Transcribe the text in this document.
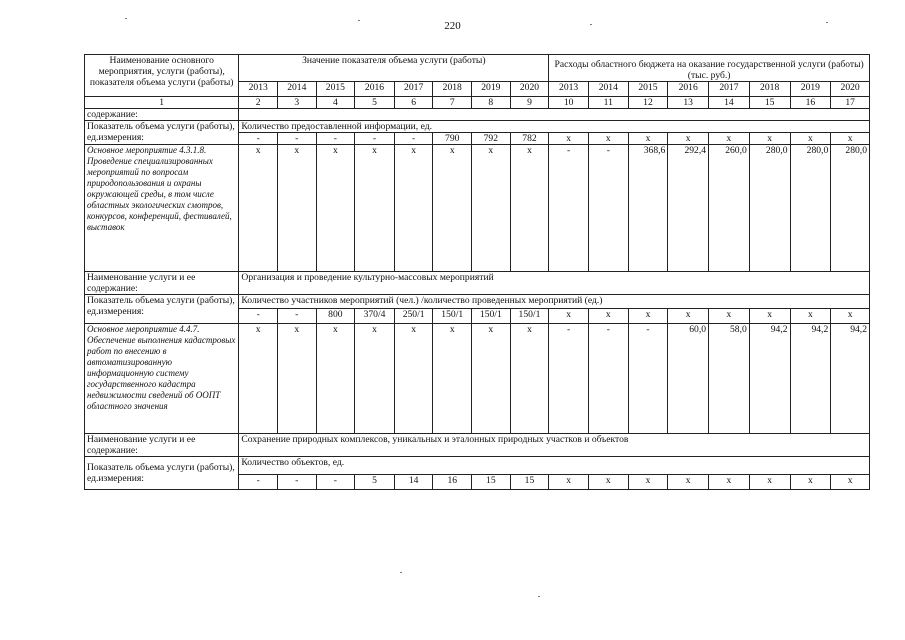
220
Наименование основного мероприятия, услуги (работы), показателя объема услуги (работы)	Значение показателя объема услуги (работы)								Расходы областного бюджета на оказание государственной услуги (работы) (тыс. руб.)							
	2013	2014	2015	2016	2017	2018	2019	2020	2013	2014	2015	2016	2017	2018	2019	2020
1	2	3	4	5	6	7	8	9	10	11	12	13	14	15	16	17
содержание:																
Показатель объема услуги (работы), ед.измерения:	Количество предоставленной информации, ед.															
	-	-	-	-	-	790	792	782	х	х	х	х	х	х	х	х
Основное мероприятие 4.3.1.8. Проведение специализированных мероприятий по вопросам природопользования и охраны окружающей среды, в том числе областных экологических смотров, конкурсов, конференций, фестивалей, выставок	х	х	х	х	х	х	х	х	-	-	368,6	292,4	260,0	280,0	280,0	280,0
Наименование услуги и ее содержание:	Организация и проведение культурно-массовых мероприятий															
Показатель объема услуги (работы), ед.измерения:	Количество участников мероприятий (чел.) /количество проведенных мероприятий (ед.)															
	-	-	800	370/4	250/1	150/1	150/1	150/1	х	х	х	х	х	х	х	х
Основное мероприятие 4.4.7. Обеспечение выполнения кадастровых работ по внесению в автоматизированную информационную систему государственного кадастра недвижимости сведений об ООПТ областного значения	х	х	х	х	х	х	х	х	-	-	-	60,0	58,0	94,2	94,2	94,2
Наименование услуги и ее содержание:	Сохранение природных комплексов, уникальных и эталонных природных участков и объектов															
Показатель объема услуги (работы), ед.измерения:	Количество объектов, ед.															
	-	-	-	5	14	16	15	15	х	х	х	х	х	х	х	х
